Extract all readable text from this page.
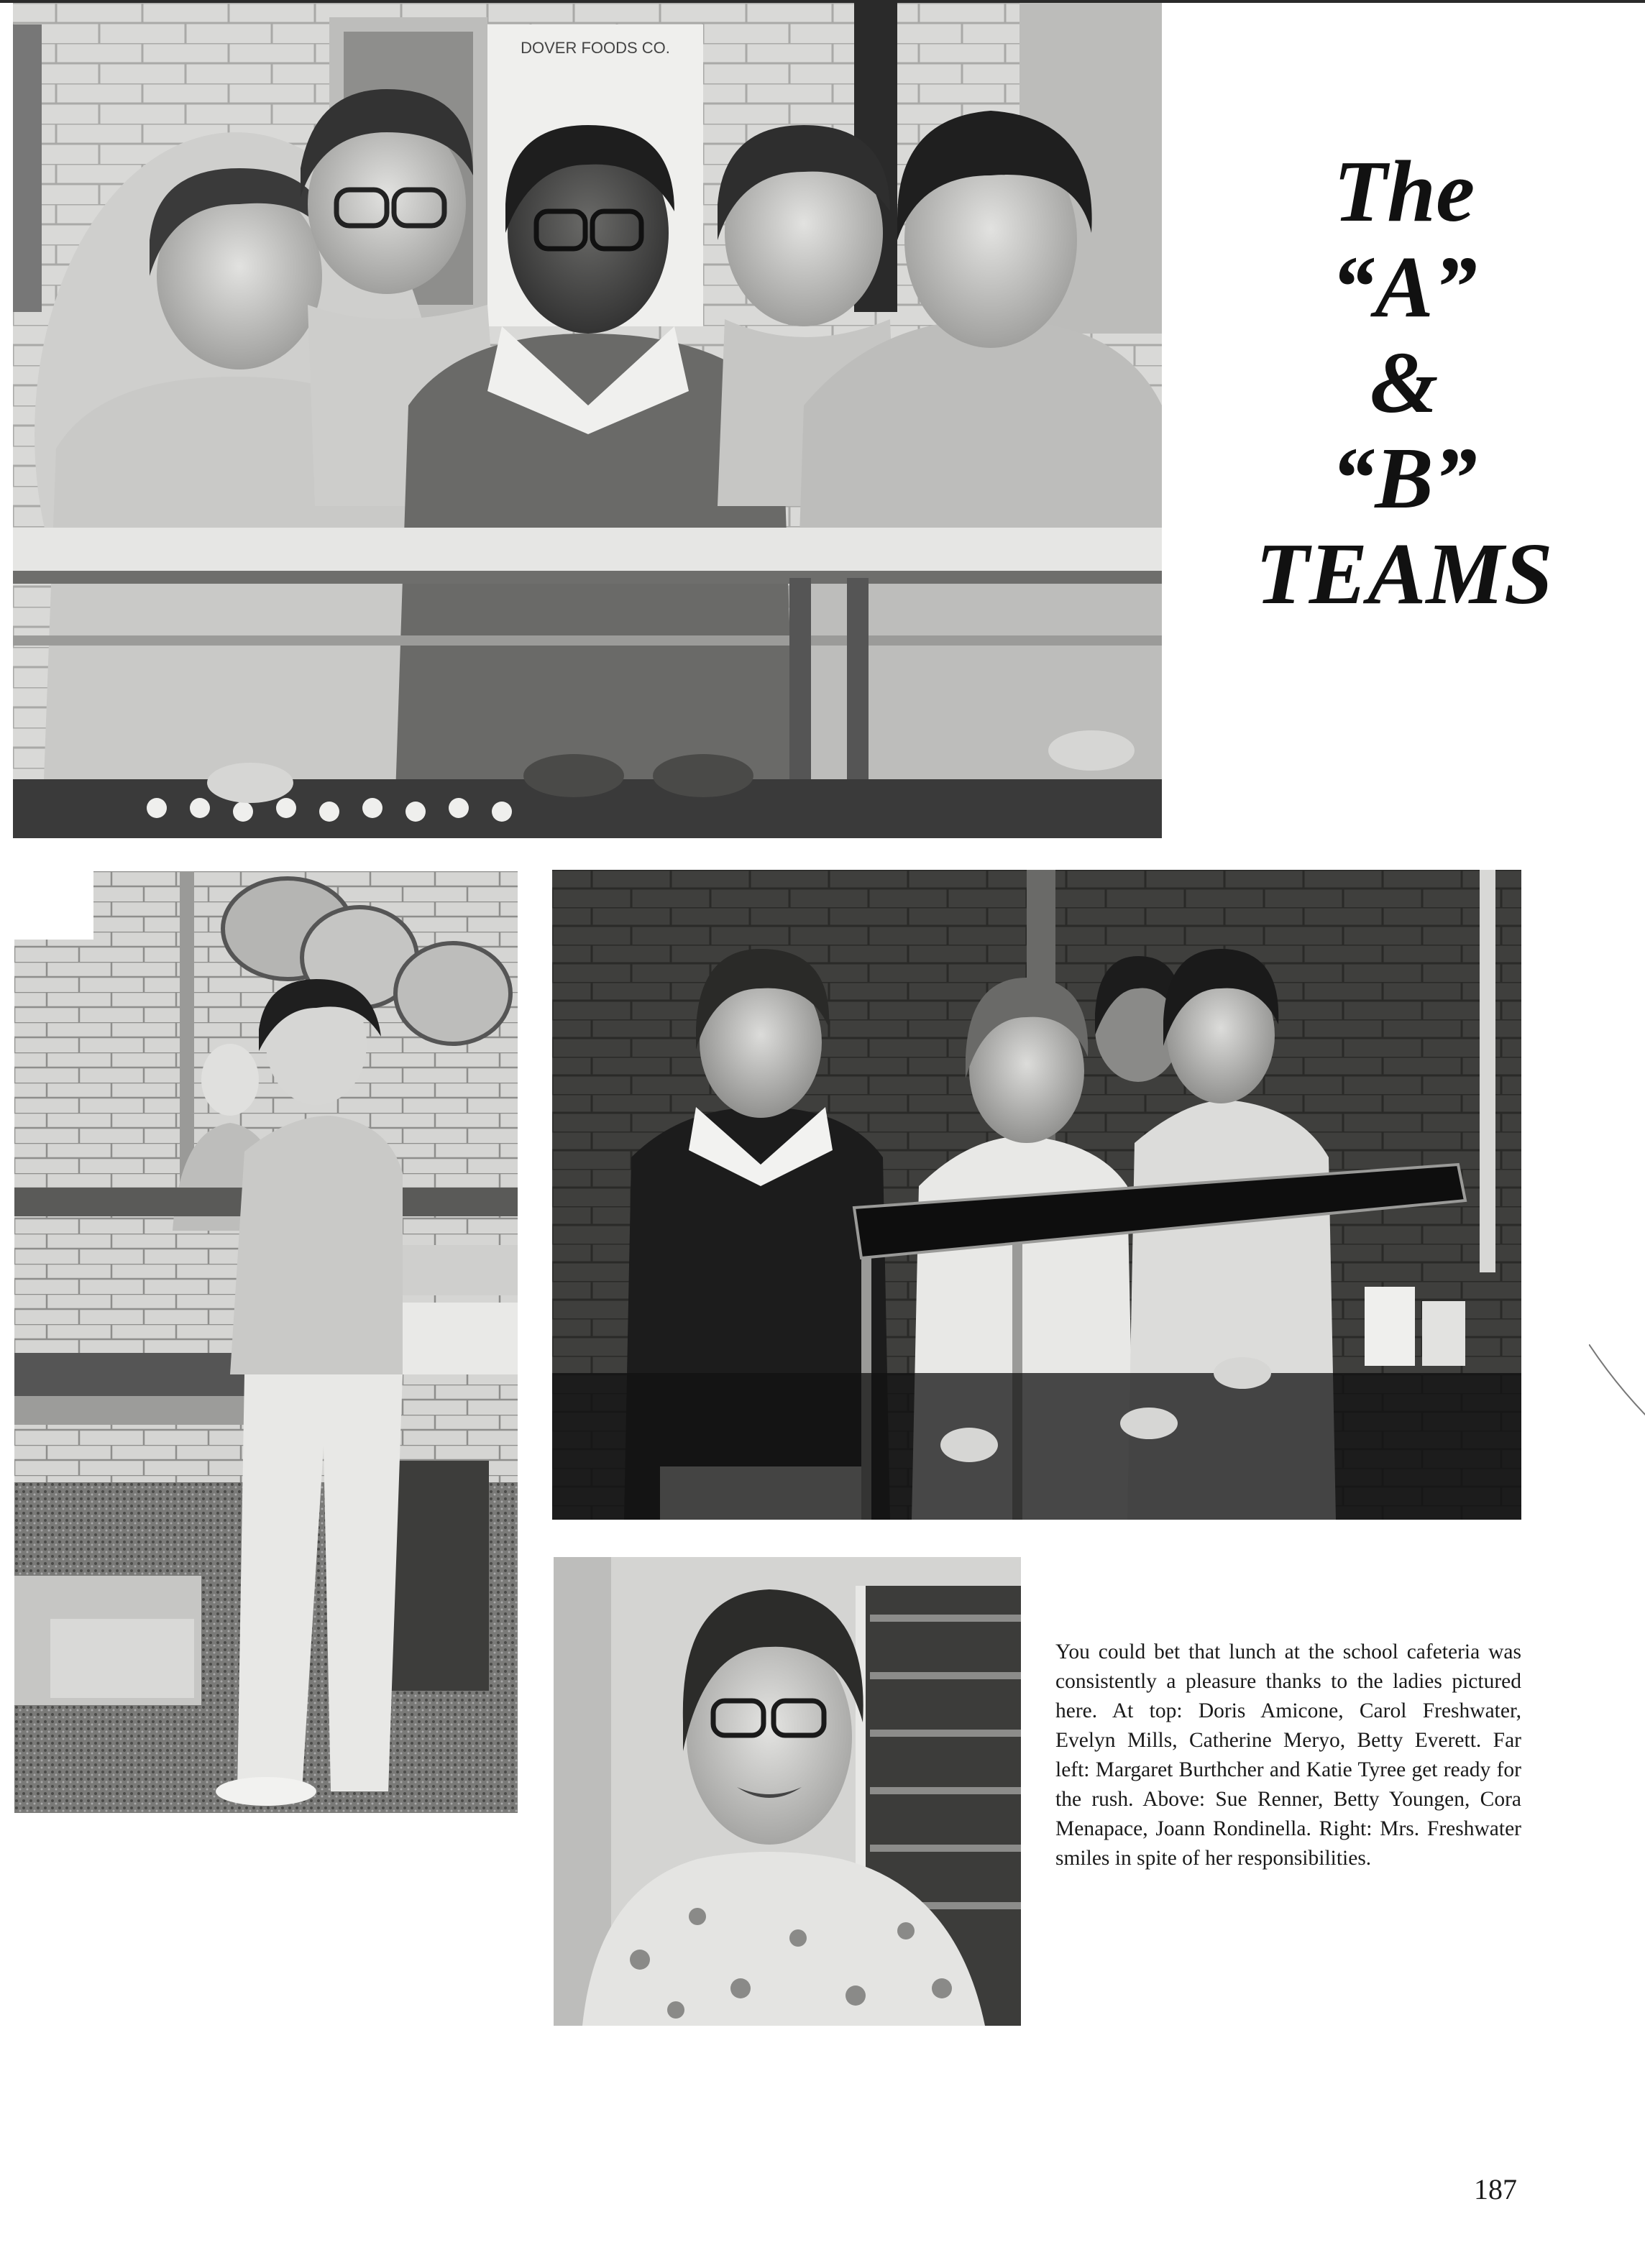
DOVER FOODS CO.
The
“A”
&
“B”
TEAMS
You could bet that lunch at the school cafeteria was consistently a pleasure thanks to the ladies pictured here. At top: Doris Amicone, Carol Freshwater, Evelyn Mills, Catherine Meryo, Betty Everett. Far left: Margaret Burthcher and Katie Tyree get ready for the rush. Above: Sue Renner, Betty Youngen, Cora Menapace, Joann Rondinella. Right: Mrs. Freshwater smiles in spite of her responsibilities.
187
